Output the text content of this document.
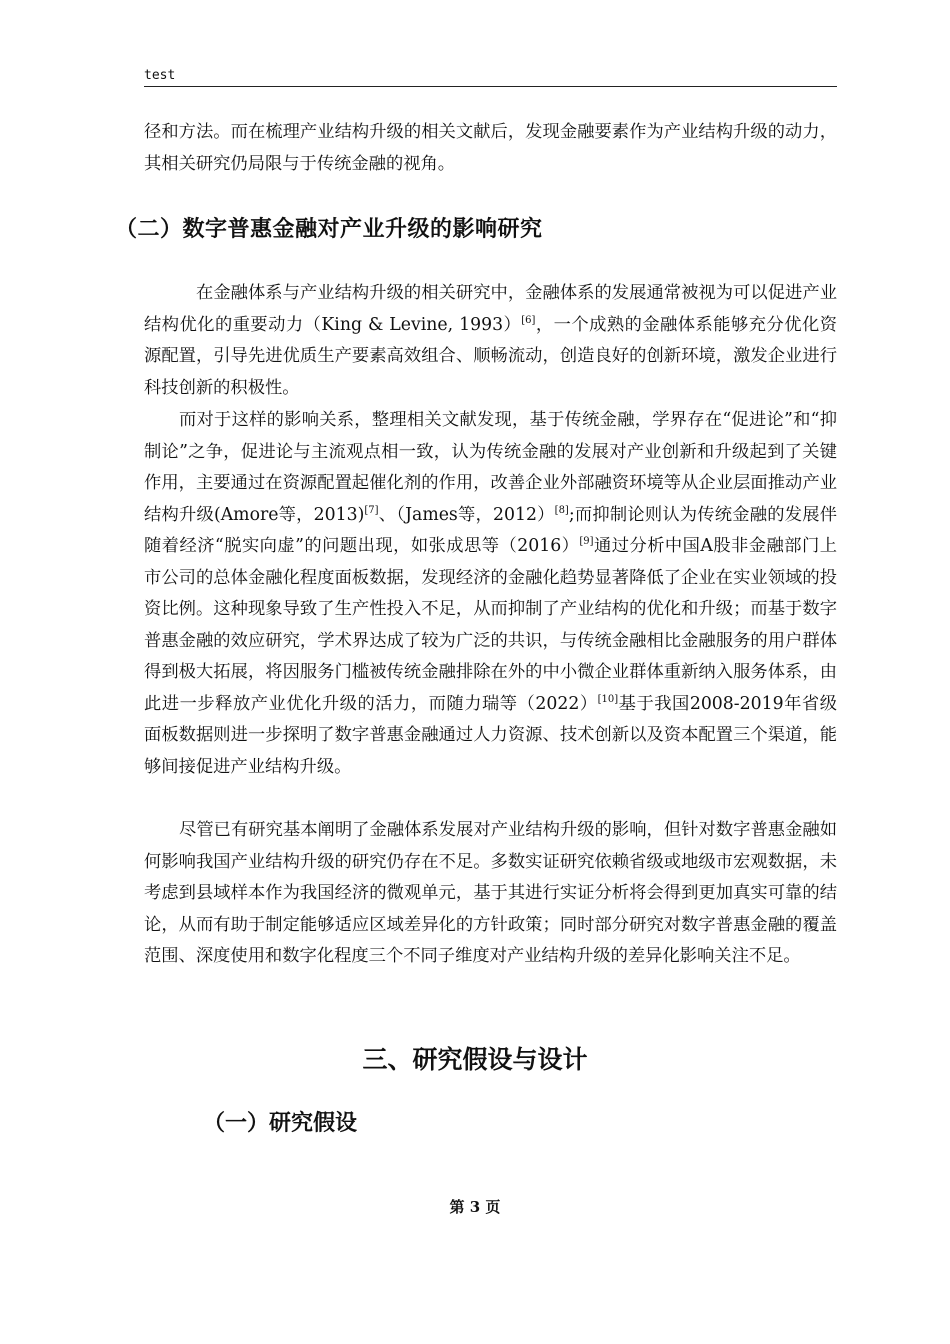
test

径和方法。而在梳理产业结构升级的相关文献后，发现金融要素作为产业结构升级的动力，其相关研究仍局限与于传统金融的视角。

（二）数字普惠金融对产业升级的影响研究

在金融体系与产业结构升级的相关研究中，金融体系的发展通常被视为可以促进产业结构优化的重要动力（King & Levine, 1993）[6]，一个成熟的金融体系能够充分优化资源配置，引导先进优质生产要素高效组合、顺畅流动，创造良好的创新环境，激发企业进行科技创新的积极性。

而对于这样的影响关系，整理相关文献发现，基于传统金融，学界存在“促进论”和“抑制论”之争，促进论与主流观点相一致，认为传统金融的发展对产业创新和升级起到了关键作用，主要通过在资源配置起催化剂的作用，改善企业外部融资环境等从企业层面推动产业结构升级(Amore等，2013)[7]、（James等，2012）[8];而抑制论则认为传统金融的发展伴随着经济“脱实向虚”的问题出现，如张成思等（2016）[9]通过分析中国A股非金融部门上市公司的总体金融化程度面板数据，发现经济的金融化趋势显著降低了企业在实业领域的投资比例。这种现象导致了生产性投入不足，从而抑制了产业结构的优化和升级；而基于数字普惠金融的效应研究，学术界达成了较为广泛的共识，与传统金融相比金融服务的用户群体得到极大拓展，将因服务门槛被传统金融排除在外的中小微企业群体重新纳入服务体系，由此进一步释放产业优化升级的活力，而随力瑞等（2022）[10]基于我国2008-2019年省级面板数据则进一步探明了数字普惠金融通过人力资源、技术创新以及资本配置三个渠道，能够间接促进产业结构升级。

尽管已有研究基本阐明了金融体系发展对产业结构升级的影响，但针对数字普惠金融如何影响我国产业结构升级的研究仍存在不足。多数实证研究依赖省级或地级市宏观数据，未考虑到县域样本作为我国经济的微观单元，基于其进行实证分析将会得到更加真实可靠的结论，从而有助于制定能够适应区域差异化的方针政策；同时部分研究对数字普惠金融的覆盖范围、深度使用和数字化程度三个不同子维度对产业结构升级的差异化影响关注不足。

三、研究假设与设计
（一）研究假设
第 3 页
